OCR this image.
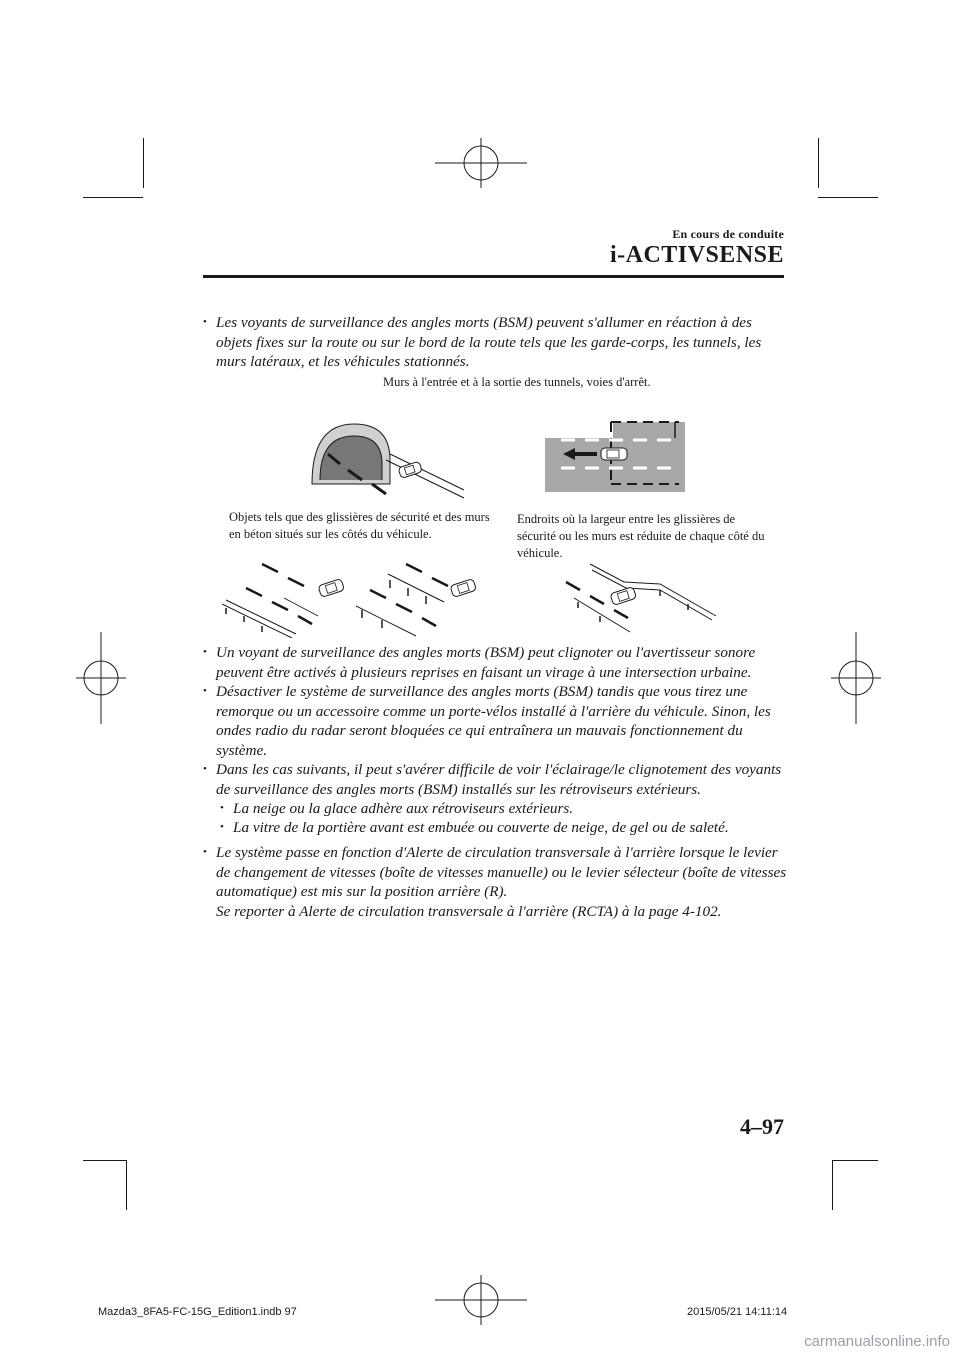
En cours de conduite
i-ACTIVSENSE
• Les voyants de surveillance des angles morts (BSM) peuvent s'allumer en réaction à des objets fixes sur la route ou sur le bord de la route tels que les garde-corps, les tunnels, les murs latéraux, et les véhicules stationnés.
Murs à l'entrée et à la sortie des tunnels, voies d'arrêt.
Objets tels que des glissières de sécurité et des murs en béton situés sur les côtés du véhicule.
Endroits où la largeur entre les glissières de sécurité ou les murs est réduite de chaque côté du véhicule.
• Un voyant de surveillance des angles morts (BSM) peut clignoter ou l'avertisseur sonore peuvent être activés à plusieurs reprises en faisant un virage à une intersection urbaine.
• Désactiver le système de surveillance des angles morts (BSM) tandis que vous tirez une remorque ou un accessoire comme un porte-vélos installé à l'arrière du véhicule. Sinon, les ondes radio du radar seront bloquées ce qui entraînera un mauvais fonctionnement du système.
• Dans les cas suivants, il peut s'avérer difficile de voir l'éclairage/le clignotement des voyants de surveillance des angles morts (BSM) installés sur les rétroviseurs extérieurs.
• La neige ou la glace adhère aux rétroviseurs extérieurs.
• La vitre de la portière avant est embuée ou couverte de neige, de gel ou de saleté.
• Le système passe en fonction d'Alerte de circulation transversale à l'arrière lorsque le levier de changement de vitesses (boîte de vitesses manuelle) ou le levier sélecteur (boîte de vitesses automatique) est mis sur la position arrière (R).
Se reporter à Alerte de circulation transversale à l'arrière (RCTA) à la page 4-102.
4–97
Mazda3_8FA5-FC-15G_Edition1.indb 97	2015/05/21 14:11:14
carmanualsonline.info
